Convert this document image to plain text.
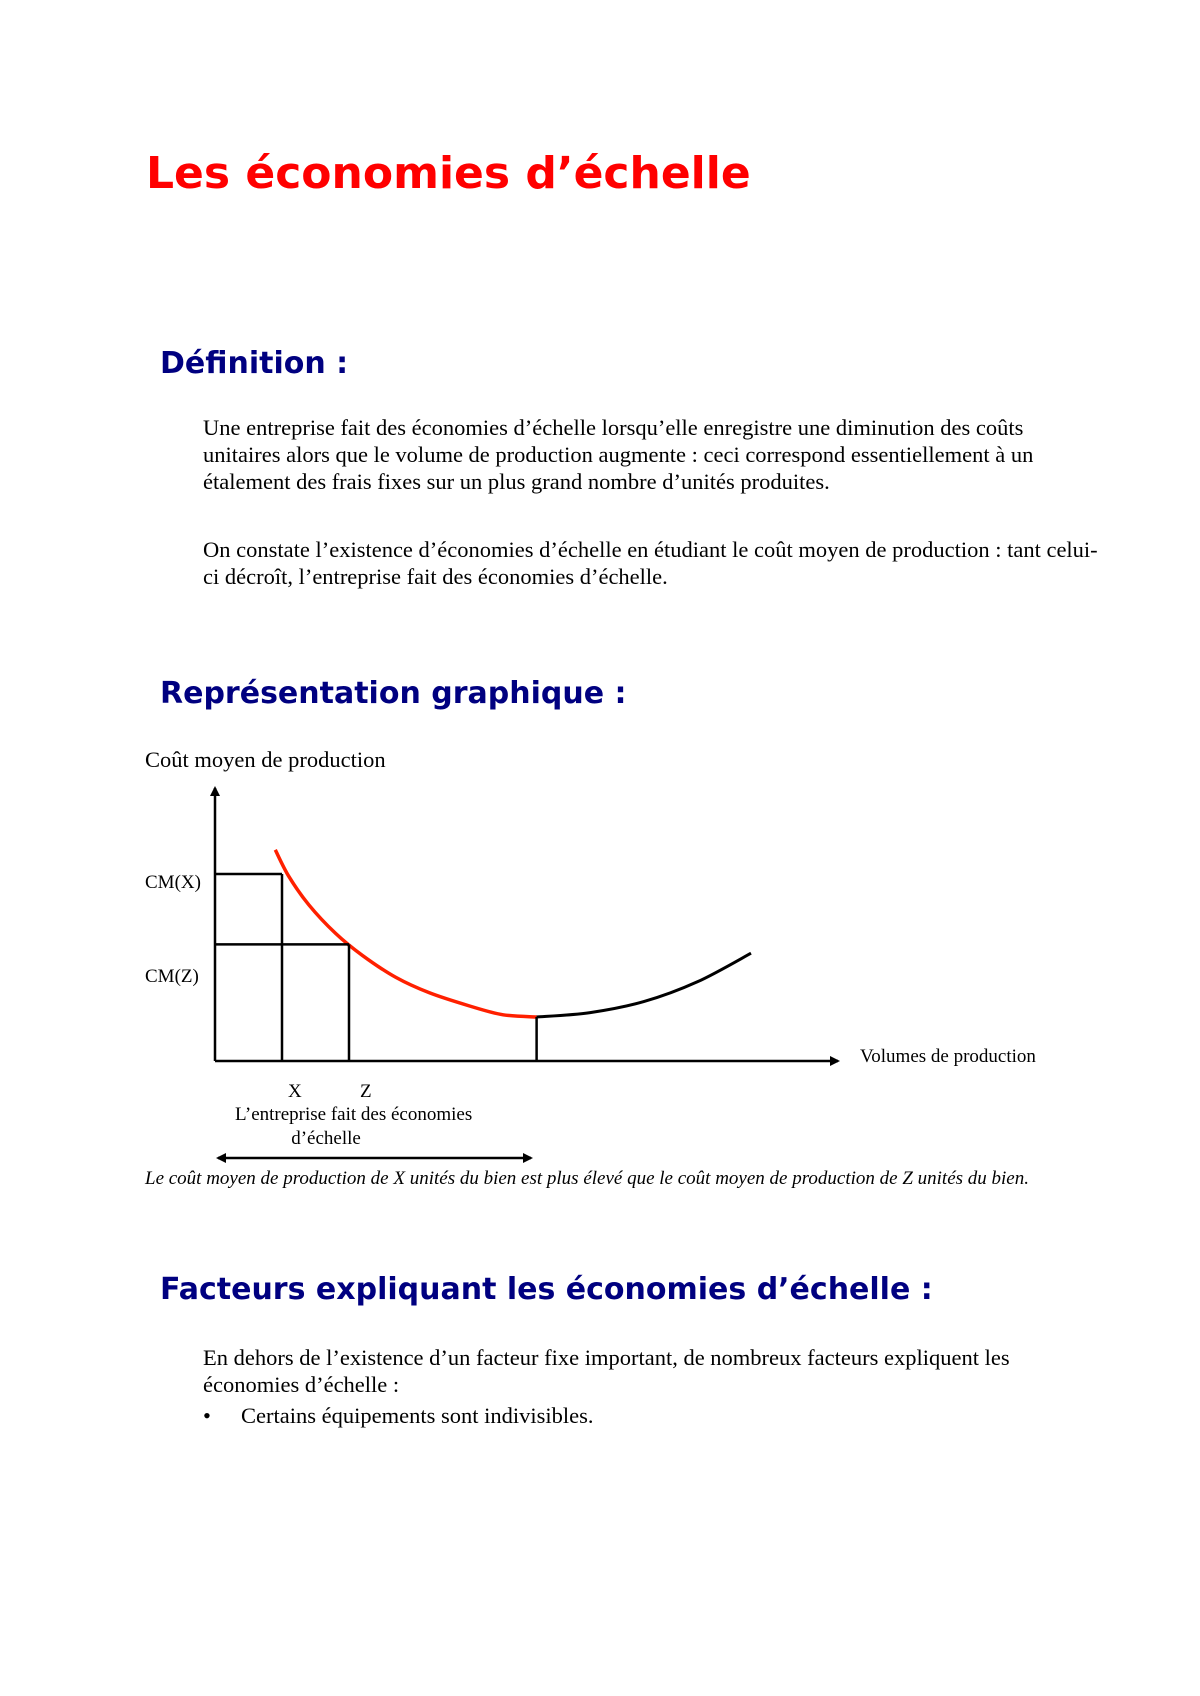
Les économies d’échelle
Définition :

Une entreprise fait des économies d’échelle lorsqu’elle enregistre une diminution des coûts unitaires alors que le volume de production augmente : ceci correspond essentiellement à un étalement des frais fixes sur un plus grand nombre d’unités produites.

On constate l’existence d’économies d’échelle en étudiant le coût moyen de production : tant celui-ci décroît, l’entreprise fait des économies d’échelle.

Représentation graphique :

Coût moyen de production

CM(X)
CM(Z)
X	Z
Volumes de production
L’entreprise fait des économies d’échelle

Le coût moyen de production de X unités du bien est plus élevé que le coût moyen de production de Z unités du bien.

Facteurs expliquant les économies d’échelle :

En dehors de l’existence d’un facteur fixe important, de nombreux facteurs expliquent les économies d’échelle :

• Certains équipements sont indivisibles.
